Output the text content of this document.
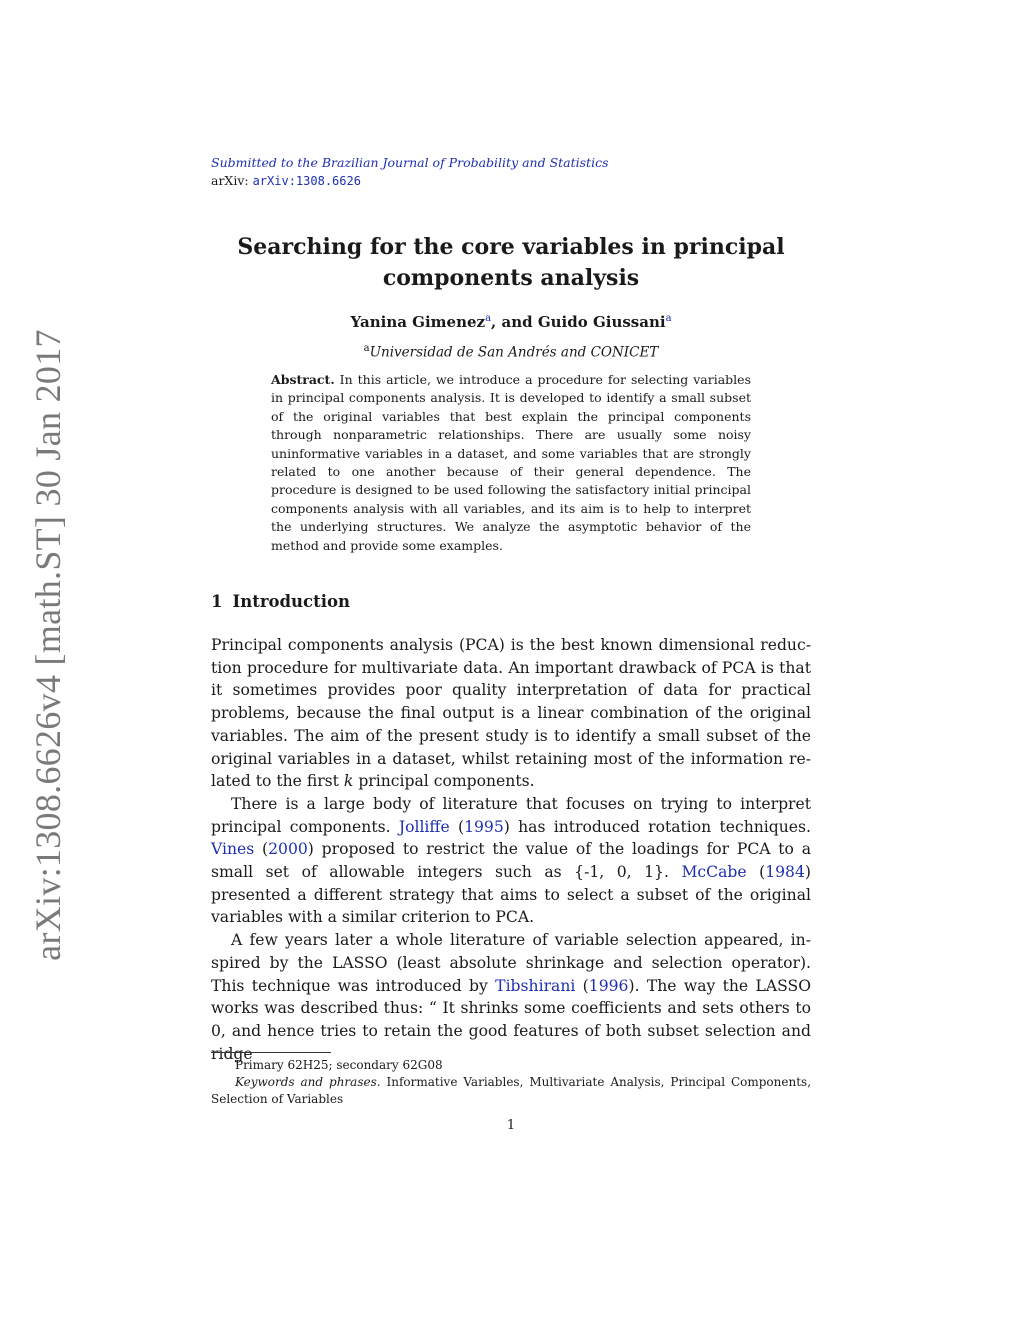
arXiv:1308.6626v4 [math.ST] 30 Jan 2017
Submitted to the Brazilian Journal of Probability and Statistics
arXiv: arXiv:1308.6626
Searching for the core variables in principal
components analysis
Yanina Gimenez$^a$, and Guido Giussani$^a$
$^a$Universidad de San Andrés and CONICET
Abstract. In this article, we introduce a procedure for selecting variables in principal components analysis. It is developed to identify a small subset of the original variables that best explain the principal components through nonparametric relationships. There are usually some noisy uninformative variables in a dataset, and some variables that are strongly related to one another because of their general dependence. The procedure is designed to be used following the satisfactory initial principal components analysis with all variables, and its aim is to help to interpret the underlying structures. We analyze the asymptotic behavior of the method and provide some examples.
1 Introduction

Principal components analysis (PCA) is the best known dimensional reduction procedure for multivariate data. An important drawback of PCA is that it sometimes provides poor quality interpretation of data for practical problems, because the final output is a linear combination of the original variables. The aim of the present study is to identify a small subset of the original variables in a dataset, whilst retaining most of the information related to the first k principal components.

There is a large body of literature that focuses on trying to interpret principal components. Jolliffe (1995) has introduced rotation techniques. Vines (2000) proposed to restrict the value of the loadings for PCA to a small set of allowable integers such as {-1, 0, 1}. McCabe (1984) presented a different strategy that aims to select a subset of the original variables with a similar criterion to PCA.

A few years later a whole literature of variable selection appeared, inspired by the LASSO (least absolute shrinkage and selection operator). This technique was introduced by Tibshirani (1996). The way the LASSO works was described thus: “ It shrinks some coefficients and sets others to 0, and hence tries to retain the good features of both subset selection and ridge

Primary 62H25; secondary 62G08

Keywords and phrases. Informative Variables, Multivariate Analysis, Principal Components, Selection of Variables

1
